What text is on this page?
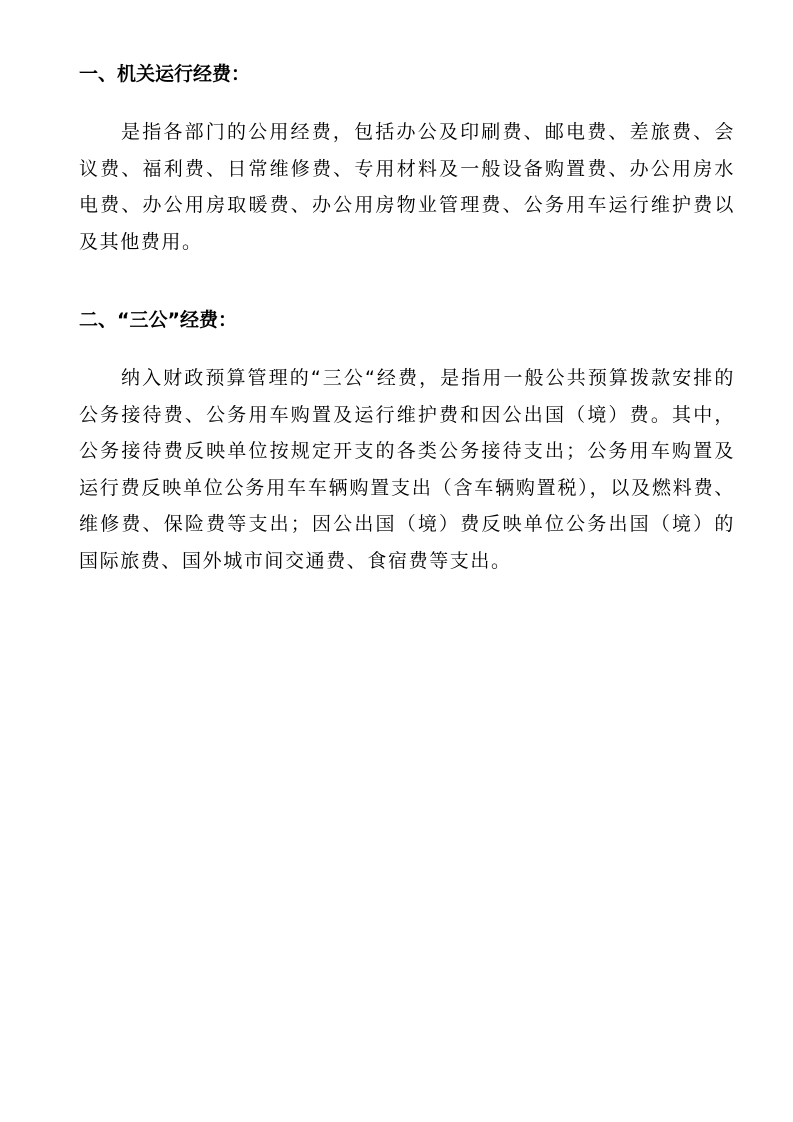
一、机关运行经费：

是指各部门的公用经费，包括办公及印刷费、邮电费、差旅费、会议费、福利费、日常维修费、专用材料及一般设备购置费、办公用房水电费、办公用房取暖费、办公用房物业管理费、公务用车运行维护费以及其他费用。

二、“三公”经费：

纳入财政预算管理的“三公“经费，是指用一般公共预算拨款安排的公务接待费、公务用车购置及运行维护费和因公出国（境）费。其中，公务接待费反映单位按规定开支的各类公务接待支出；公务用车购置及运行费反映单位公务用车车辆购置支出（含车辆购置税），以及燃料费、维修费、保险费等支出；因公出国（境）费反映单位公务出国（境）的国际旅费、国外城市间交通费、食宿费等支出。
